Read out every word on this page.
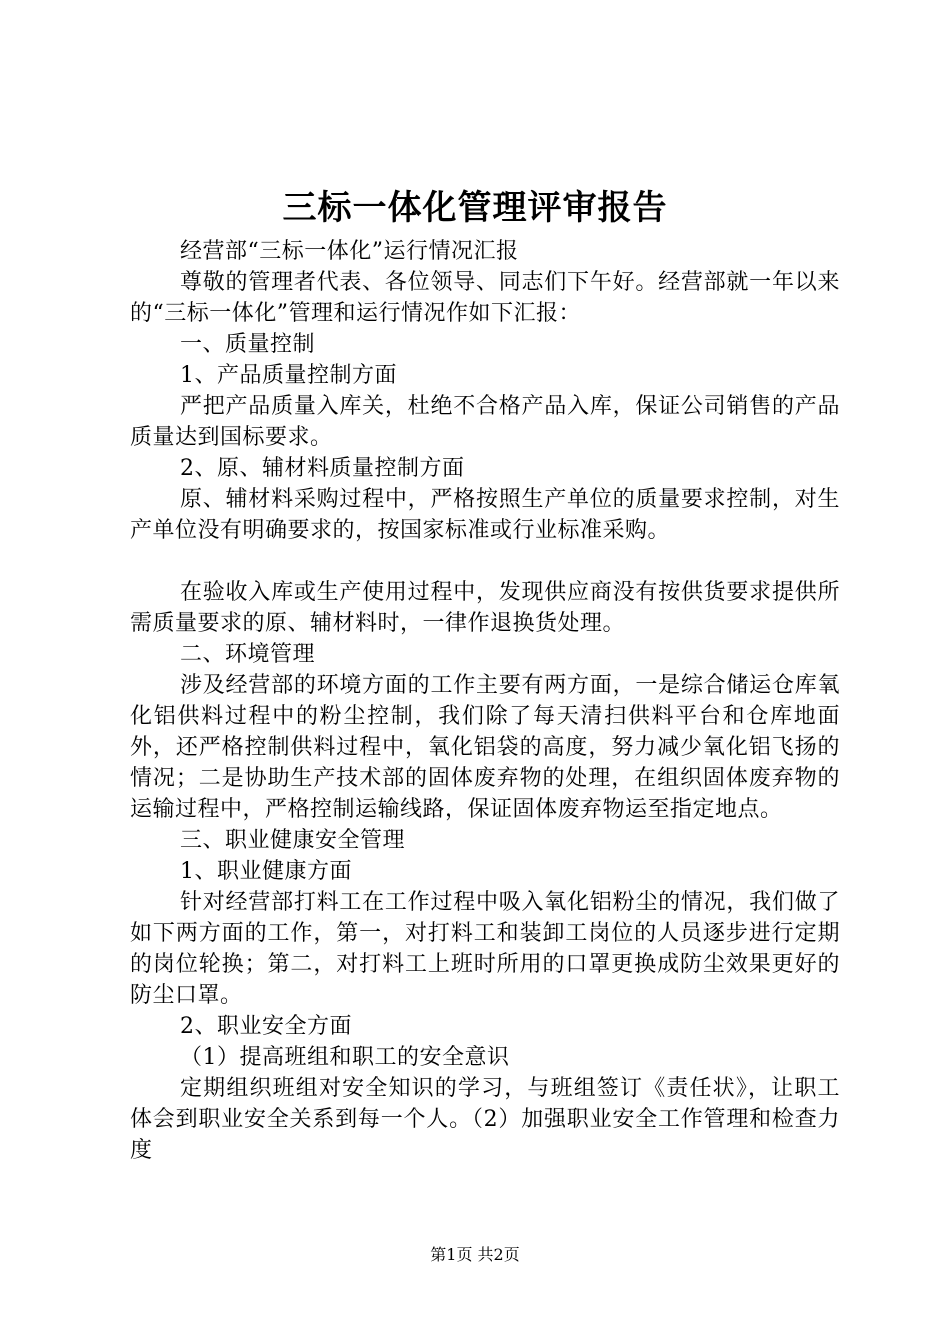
三标一体化管理评审报告

经营部“三标一体化”运行情况汇报

尊敬的管理者代表、各位领导、同志们下午好。经营部就一年以来的“三标一体化”管理和运行情况作如下汇报：

一、质量控制

1、产品质量控制方面

严把产品质量入库关，杜绝不合格产品入库，保证公司销售的产品质量达到国标要求。

2、原、辅材料质量控制方面

原、辅材料采购过程中，严格按照生产单位的质量要求控制，对生产单位没有明确要求的，按国家标准或行业标准采购。

在验收入库或生产使用过程中，发现供应商没有按供货要求提供所需质量要求的原、辅材料时，一律作退换货处理。

二、环境管理

涉及经营部的环境方面的工作主要有两方面，一是综合储运仓库氧化铝供料过程中的粉尘控制，我们除了每天清扫供料平台和仓库地面外，还严格控制供料过程中，氧化铝袋的高度，努力减少氧化铝飞扬的情况；二是协助生产技术部的固体废弃物的处理，在组织固体废弃物的运输过程中，严格控制运输线路，保证固体废弃物运至指定地点。

三、职业健康安全管理

1、职业健康方面

针对经营部打料工在工作过程中吸入氧化铝粉尘的情况，我们做了如下两方面的工作，第一，对打料工和装卸工岗位的人员逐步进行定期的岗位轮换；第二，对打料工上班时所用的口罩更换成防尘效果更好的防尘口罩。

2、职业安全方面

（1）提高班组和职工的安全意识

定期组织班组对安全知识的学习，与班组签订《责任状》，让职工体会到职业安全关系到每一个人。（2）加强职业安全工作管理和检查力度

第1页 共2页
